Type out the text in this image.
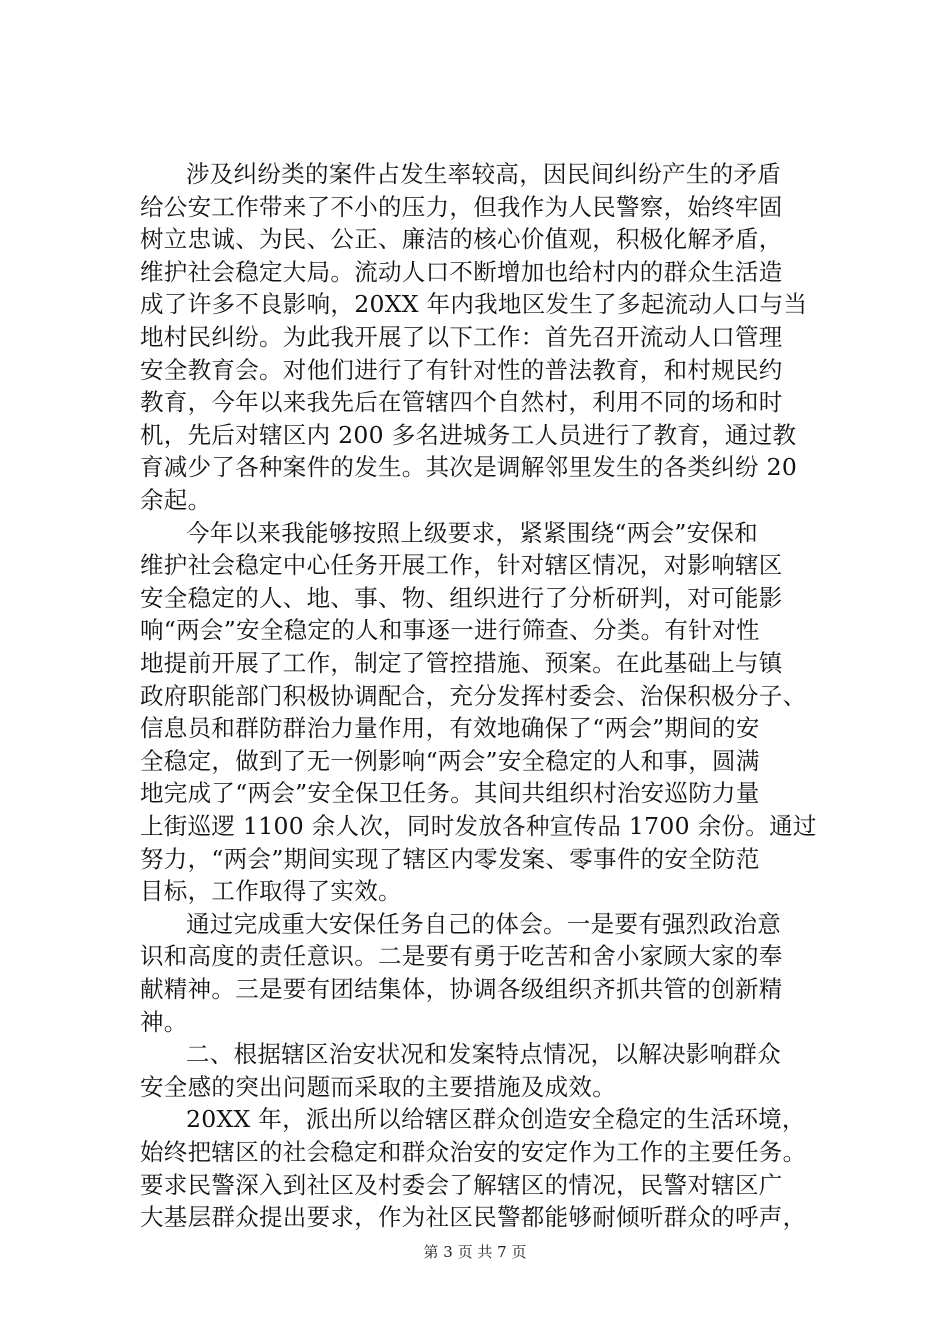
涉及纠纷类的案件占发生率较高，因民间纠纷产生的矛盾
给公安工作带来了不小的压力，但我作为人民警察，始终牢固
树立忠诚、为民、公正、廉洁的核心价值观，积极化解矛盾，
维护社会稳定大局。流动人口不断增加也给村内的群众生活造
成了许多不良影响，20XX 年内我地区发生了多起流动人口与当
地村民纠纷。为此我开展了以下工作：首先召开流动人口管理
安全教育会。对他们进行了有针对性的普法教育，和村规民约
教育，今年以来我先后在管辖四个自然村，利用不同的场和时
机，先后对辖区内 200 多名进城务工人员进行了教育，通过教
育减少了各种案件的发生。其次是调解邻里发生的各类纠纷 20
余起。
今年以来我能够按照上级要求，紧紧围绕“两会”安保和
维护社会稳定中心任务开展工作，针对辖区情况，对影响辖区
安全稳定的人、地、事、物、组织进行了分析研判，对可能影
响“两会”安全稳定的人和事逐一进行筛查、分类。有针对性
地提前开展了工作，制定了管控措施、预案。在此基础上与镇
政府职能部门积极协调配合，充分发挥村委会、治保积极分子、
信息员和群防群治力量作用，有效地确保了“两会”期间的安
全稳定，做到了无一例影响“两会”安全稳定的人和事，圆满
地完成了“两会”安全保卫任务。其间共组织村治安巡防力量
上街巡逻 1100 余人次，同时发放各种宣传品 1700 余份。通过
努力，“两会”期间实现了辖区内零发案、零事件的安全防范
目标，工作取得了实效。
通过完成重大安保任务自己的体会。一是要有强烈政治意
识和高度的责任意识。二是要有勇于吃苦和舍小家顾大家的奉
献精神。三是要有团结集体，协调各级组织齐抓共管的创新精
神。
二、根据辖区治安状况和发案特点情况，以解决影响群众
安全感的突出问题而采取的主要措施及成效。
20XX 年，派出所以给辖区群众创造安全稳定的生活环境，
始终把辖区的社会稳定和群众治安的安定作为工作的主要任务。
要求民警深入到社区及村委会了解辖区的情况，民警对辖区广
大基层群众提出要求，作为社区民警都能够耐倾听群众的呼声，
第 3 页 共 7 页
